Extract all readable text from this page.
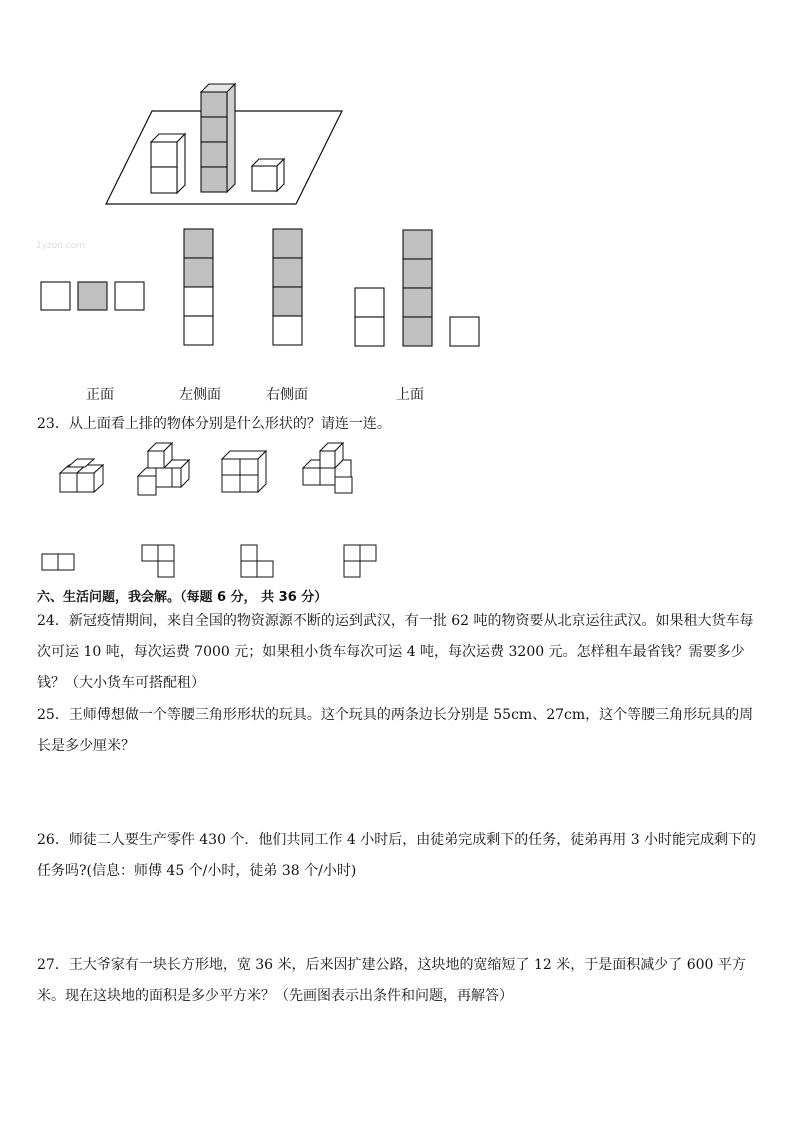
1yzon.com
正面	左侧面	右侧面	上面
23．从上面看上排的物体分别是什么形状的？请连一连。
六、生活问题，我会解。（每题 6 分， 共 36 分）
24．新冠疫情期间，来自全国的物资源源不断的运到武汉，有一批 62 吨的物资要从北京运往武汉。如果租大货车每次可运 10 吨，每次运费 7000 元；如果租小货车每次可运 4 吨，每次运费 3200 元。怎样租车最省钱？需要多少钱？（大小货车可搭配租）
25．王师傅想做一个等腰三角形形状的玩具。这个玩具的两条边长分别是 55cm、27cm，这个等腰三角形玩具的周长是多少厘米？
26．师徒二人要生产零件 430 个．他们共同工作 4 小时后，由徒弟完成剩下的任务，徒弟再用 3 小时能完成剩下的任务吗?(信息：师傅 45 个/小时，徒弟 38 个/小时)
27．王大爷家有一块长方形地，宽 36 米，后来因扩建公路，这块地的宽缩短了 12 米，于是面积减少了 600 平方米。现在这块地的面积是多少平方米？（先画图表示出条件和问题，再解答）
